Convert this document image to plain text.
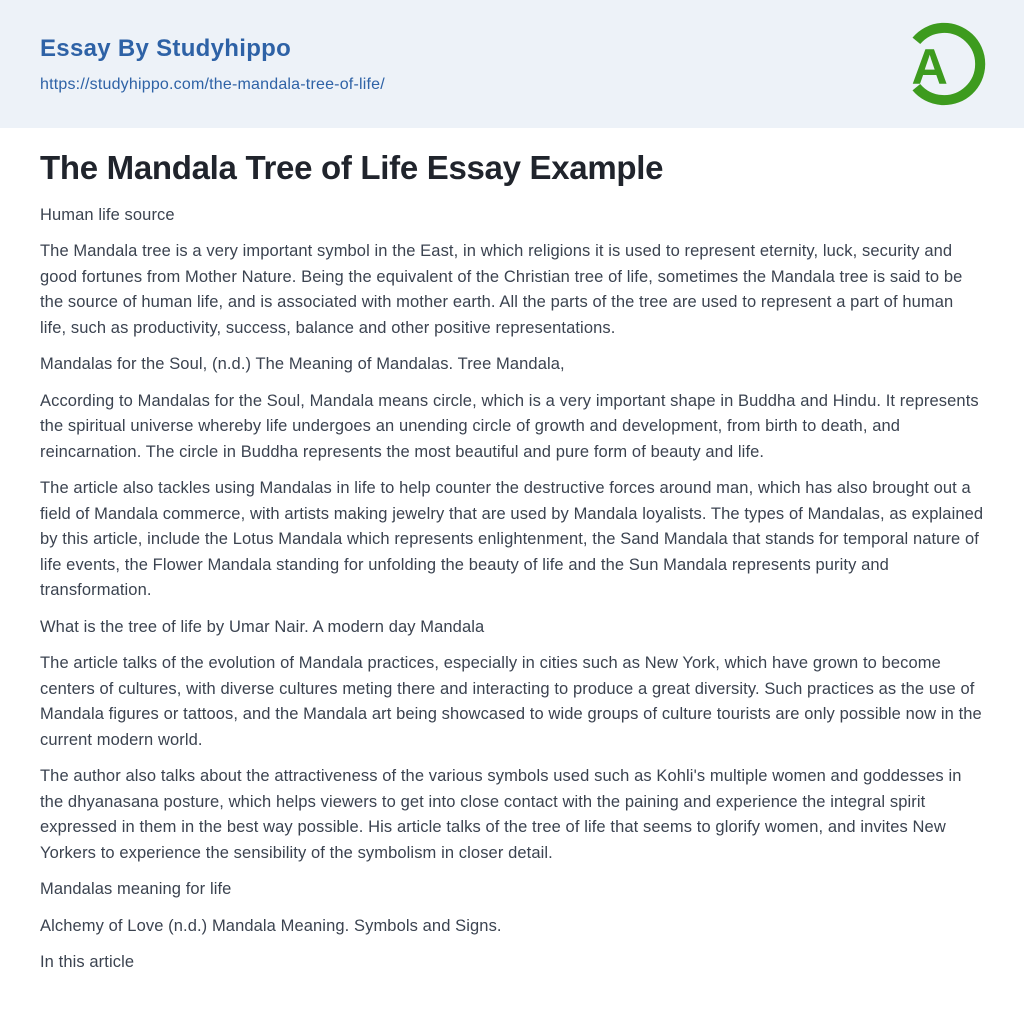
Essay By Studyhippo
https://studyhippo.com/the-mandala-tree-of-life/	A
The Mandala Tree of Life Essay Example

Human life source

The Mandala tree is a very important symbol in the East, in which religions it is used to represent eternity, luck, security and good fortunes from Mother Nature. Being the equivalent of the Christian tree of life, sometimes the Mandala tree is said to be the source of human life, and is associated with mother earth. All the parts of the tree are used to represent a part of human life, such as productivity, success, balance and other positive representations.

Mandalas for the Soul, (n.d.) The Meaning of Mandalas. Tree Mandala,

According to Mandalas for the Soul, Mandala means circle, which is a very important shape in Buddha and Hindu. It represents the spiritual universe whereby life undergoes an unending circle of growth and development, from birth to death, and reincarnation. The circle in Buddha represents the most beautiful and pure form of beauty and life.

The article also tackles using Mandalas in life to help counter the destructive forces around man, which has also brought out a field of Mandala commerce, with artists making jewelry that are used by Mandala loyalists. The types of Mandalas, as explained by this article, include the Lotus Mandala which represents enlightenment, the Sand Mandala that stands for temporal nature of life events, the Flower Mandala standing for unfolding the beauty of life and the Sun Mandala represents purity and transformation.

What is the tree of life by Umar Nair. A modern day Mandala

The article talks of the evolution of Mandala practices, especially in cities such as New York, which have grown to become centers of cultures, with diverse cultures meting there and interacting to produce a great diversity. Such practices as the use of Mandala figures or tattoos, and the Mandala art being showcased to wide groups of culture tourists are only possible now in the current modern world.

The author also talks about the attractiveness of the various symbols used such as Kohli's multiple women and goddesses in the dhyanasana posture, which helps viewers to get into close contact with the paining and experience the integral spirit expressed in them in the best way possible. His article talks of the tree of life that seems to glorify women, and invites New Yorkers to experience the sensibility of the symbolism in closer detail.

Mandalas meaning for life

Alchemy of Love (n.d.) Mandala Meaning. Symbols and Signs.

In this article
